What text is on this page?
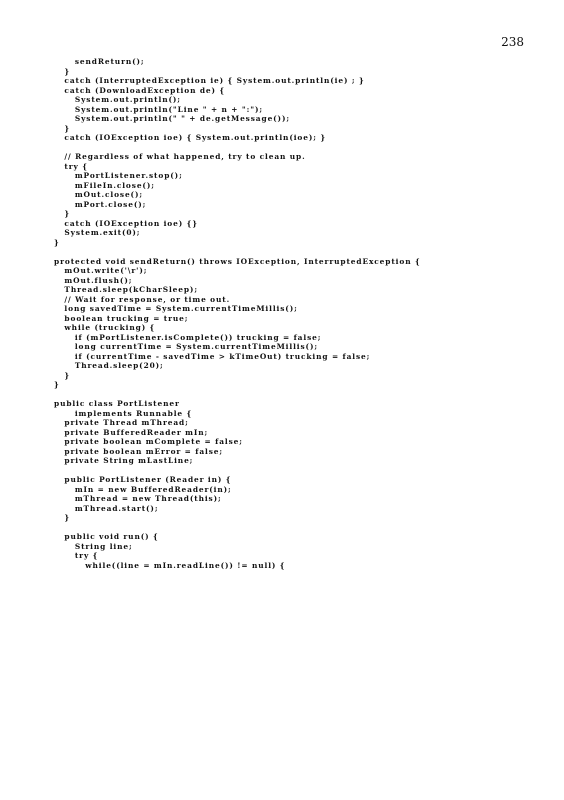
238
sendReturn();
}
catch (InterruptedException ie) { System.out.println(ie) ; }
catch (DownloadException de) {
System.out.println();
System.out.println("Line " + n + ":");
System.out.println(" " + de.getMessage());
}
catch (IOException ioe) { System.out.println(ioe); }
// Regardless of what happened, try to clean up.
try {
mPortListener.stop();
mFileIn.close();
mOut.close();
mPort.close();
}
catch (IOException ioe) {}
System.exit(0);
}
protected void sendReturn() throws IOException, InterruptedException {
mOut.write('\r');
mOut.flush();
Thread.sleep(kCharSleep);
// Wait for response, or time out.
long savedTime = System.currentTimeMillis();
boolean trucking = true;
while (trucking) {
if (mPortListener.isComplete()) trucking = false;
long currentTime = System.currentTimeMillis();
if (currentTime - savedTime > kTimeOut) trucking = false;
Thread.sleep(20);
}
}
public class PortListener
implements Runnable {
private Thread mThread;
private BufferedReader mIn;
private boolean mComplete = false;
private boolean mError = false;
private String mLastLine;
public PortListener (Reader in) {
mIn = new BufferedReader(in);
mThread = new Thread(this);
mThread.start();
}
public void run() {
String line;
try {
while((line = mIn.readLine()) != null) {
